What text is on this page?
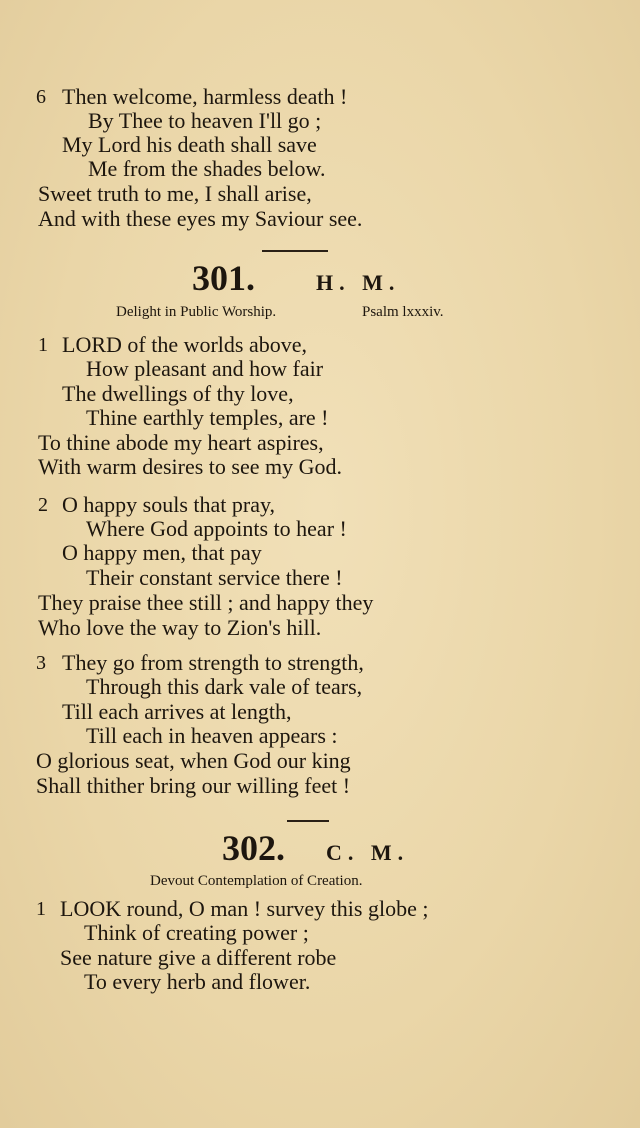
6 Then welcome, harmless death !
By Thee to heaven I'll go ;
My Lord his death shall save
Me from the shades below.
Sweet truth to me, I shall arise,
And with these eyes my Saviour see.
301.	H. M.
Delight in Public Worship.	Psalm lxxxiv.
1 LORD of the worlds above,
How pleasant and how fair
The dwellings of thy love,
Thine earthly temples, are !
To thine abode my heart aspires,
With warm desires to see my God.
2 O happy souls that pray,
Where God appoints to hear !
O happy men, that pay
Their constant service there !
They praise thee still ; and happy they
Who love the way to Zion's hill.
3 They go from strength to strength,
Through this dark vale of tears,
Till each arrives at length,
Till each in heaven appears :
O glorious seat, when God our king
Shall thither bring our willing feet !
302. C. M.
Devout Contemplation of Creation.
1 LOOK round, O man ! survey this globe ;
Think of creating power ;
See nature give a different robe
To every herb and flower.
